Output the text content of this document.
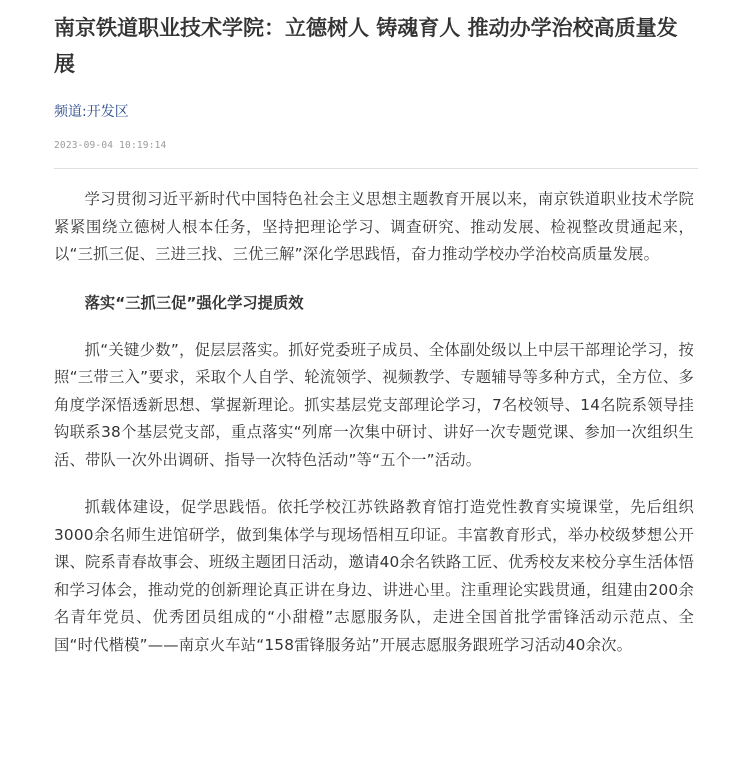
南京铁道职业技术学院：立德树人 铸魂育人 推动办学治校高质量发展
频道:开发区
2023-09-04 10:19:14

学习贯彻习近平新时代中国特色社会主义思想主题教育开展以来，南京铁道职业技术学院紧紧围绕立德树人根本任务，坚持把理论学习、调查研究、推动发展、检视整改贯通起来，以“三抓三促、三进三找、三优三解”深化学思践悟，奋力推动学校办学治校高质量发展。

落实“三抓三促”强化学习提质效

抓“关键少数”，促层层落实。抓好党委班子成员、全体副处级以上中层干部理论学习，按照“三带三入”要求，采取个人自学、轮流领学、视频教学、专题辅导等多种方式，全方位、多角度学深悟透新思想、掌握新理论。抓实基层党支部理论学习，7名校领导、14名院系领导挂钩联系38个基层党支部，重点落实“列席一次集中研讨、讲好一次专题党课、参加一次组织生活、带队一次外出调研、指导一次特色活动”等“五个一”活动。

抓载体建设，促学思践悟。依托学校江苏铁路教育馆打造党性教育实境课堂，先后组织3000余名师生进馆研学，做到集体学与现场悟相互印证。丰富教育形式，举办校级梦想公开课、院系青春故事会、班级主题团日活动，邀请40余名铁路工匠、优秀校友来校分享生活体悟和学习体会，推动党的创新理论真正讲在身边、讲进心里。注重理论实践贯通，组建由200余名青年党员、优秀团员组成的“小甜橙”志愿服务队，走进全国首批学雷锋活动示范点、全国“时代楷模”——南京火车站“158雷锋服务站”开展志愿服务跟班学习活动40余次。
